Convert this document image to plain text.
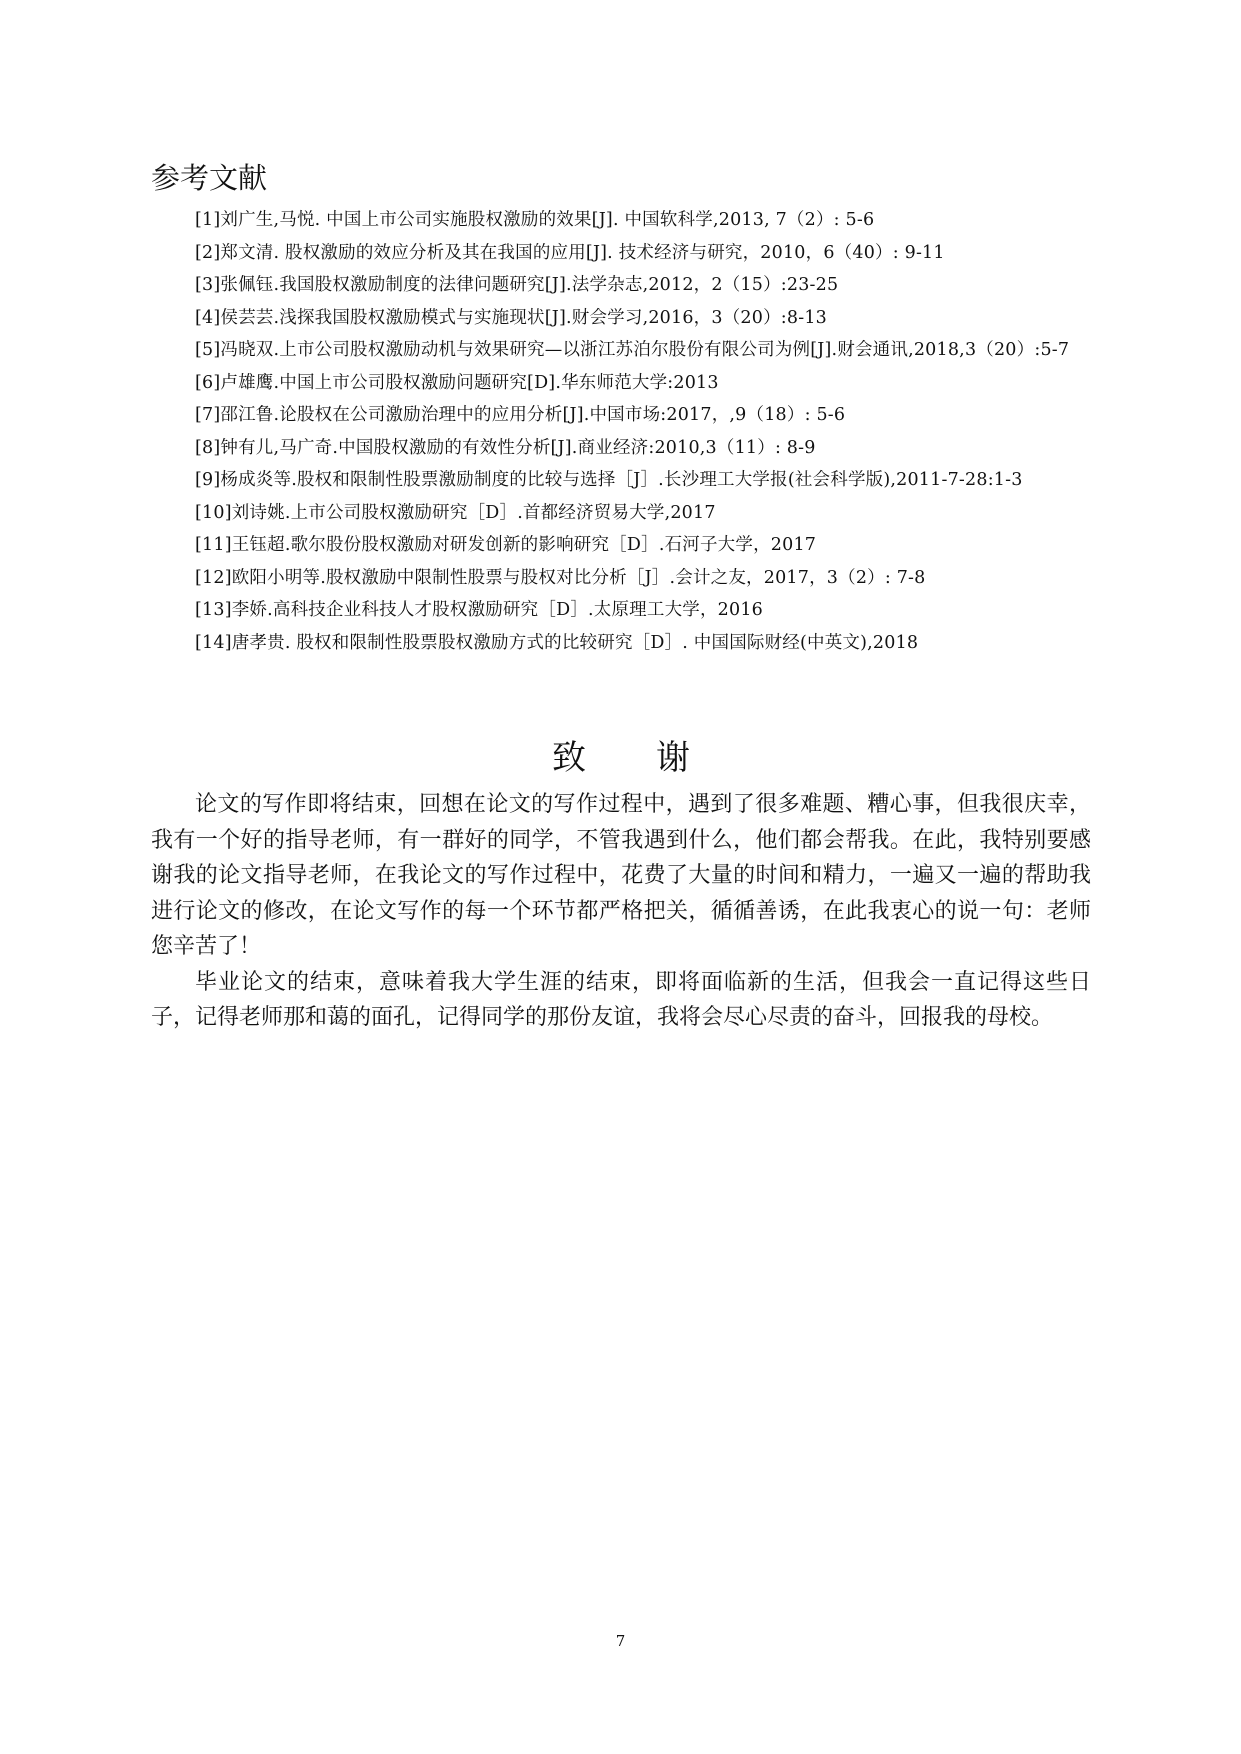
参考文献
[1]刘广生,马悦. 中国上市公司实施股权激励的效果[J]. 中国软科学,2013, 7（2）: 5-6
[2]郑文清. 股权激励的效应分析及其在我国的应用[J]. 技术经济与研究，2010，6（40）: 9-11
[3]张佩钰.我国股权激励制度的法律问题研究[J].法学杂志,2012，2（15）:23-25
[4]侯芸芸.浅探我国股权激励模式与实施现状[J].财会学习,2016，3（20）:8-13
[5]冯晓双.上市公司股权激励动机与效果研究—以浙江苏泊尔股份有限公司为例[J].财会通讯,2018,3（20）:5-7
[6]卢雄鹰.中国上市公司股权激励问题研究[D].华东师范大学:2013
[7]邵江鲁.论股权在公司激励治理中的应用分析[J].中国市场:2017，,9（18）: 5-6
[8]钟有儿,马广奇.中国股权激励的有效性分析[J].商业经济:2010,3（11）: 8-9
[9]杨成炎等.股权和限制性股票激励制度的比较与选择［J］.长沙理工大学报(社会科学版),2011-7-28:1-3
[10]刘诗姚.上市公司股权激励研究［D］.首都经济贸易大学,2017
[11]王钰超.歌尔股份股权激励对研发创新的影响研究［D］.石河子大学，2017
[12]欧阳小明等.股权激励中限制性股票与股权对比分析［J］.会计之友，2017，3（2）: 7-8
[13]李娇.高科技企业科技人才股权激励研究［D］.太原理工大学，2016
[14]唐孝贵. 股权和限制性股票股权激励方式的比较研究［D］. 中国国际财经(中英文),2018
致谢

论文的写作即将结束，回想在论文的写作过程中，遇到了很多难题、糟心事，但我很庆幸，我有一个好的指导老师，有一群好的同学，不管我遇到什么，他们都会帮我。在此，我特别要感谢我的论文指导老师，在我论文的写作过程中，花费了大量的时间和精力，一遍又一遍的帮助我进行论文的修改，在论文写作的每一个环节都严格把关，循循善诱，在此我衷心的说一句：老师您辛苦了！

毕业论文的结束，意味着我大学生涯的结束，即将面临新的生活，但我会一直记得这些日子，记得老师那和蔼的面孔，记得同学的那份友谊，我将会尽心尽责的奋斗，回报我的母校。

7
